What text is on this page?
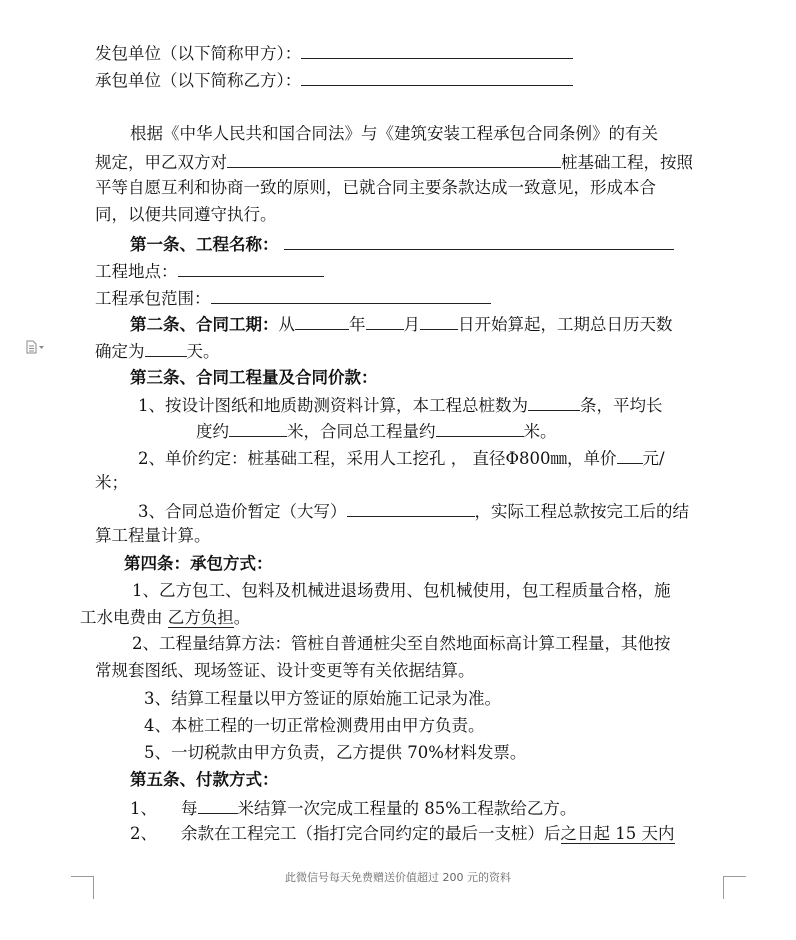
发包单位（以下简称甲方）：
承包单位（以下简称乙方）：
根据《中华人民共和国合同法》与《建筑安装工程承包合同条例》的有关
规定，甲乙双方对	桩基础工程，按照
平等自愿互利和协商一致的原则，已就合同主要条款达成一致意见，形成本合
同，以便共同遵守执行。
第一条、工程名称：
工程地点：
工程承包范围：
第二条、合同工期：从	年 月 日开始算起，工期总日历天数
确定为	天。
第三条、合同工程量及合同价款：
1、按设计图纸和地质勘测资料计算，本工程总桩数为	条，平均长
度约	米，合同总工程量约	米。
2、单价约定：桩基础工程，采用人工挖孔 ， 直径Φ800㎜，单价 元/
米；
3、合同总造价暂定（大写）	，实际工程总款按完工后的结
算工程量计算。
第四条：承包方式：
1、乙方包工、包料及机械进退场费用、包机械使用，包工程质量合格，施
工水电费由 乙方负担。
2、工程量结算方法：管桩自普通桩尖至自然地面标高计算工程量，其他按
常规套图纸、现场签证、设计变更等有关依据结算。
3、结算工程量以甲方签证的原始施工记录为准。
4、本桩工程的一切正常检测费用由甲方负责。
5、一切税款由甲方负责，乙方提供 70%材料发票。
第五条、付款方式：
1、 每 米结算一次完成工程量的 85%工程款给乙方。
2、 余款在工程完工（指打完合同约定的最后一支桩）后之日起 15 天内
此微信号每天免费赠送价值超过 200 元的资料
